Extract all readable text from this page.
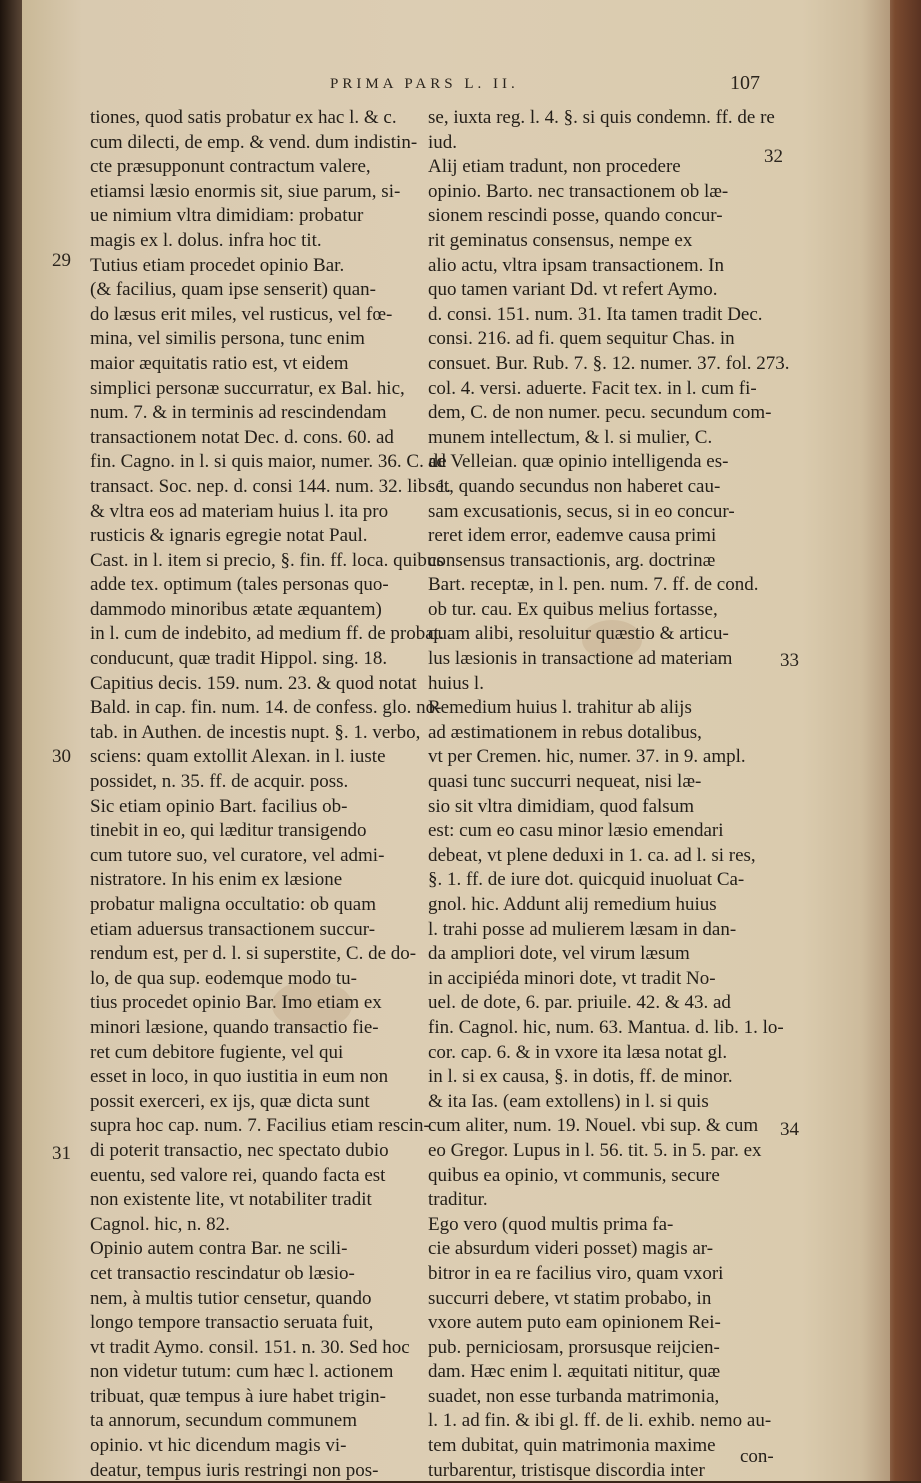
PRIMA PARS L. II.	107
tiones, quod satis probatur ex hac l. & c.
cum dilecti, de emp. & vend. dum indistin-
cte præsupponunt contractum valere,
etiamsi læsio enormis sit, siue parum, si-
ue nimium vltra dimidiam: probatur
magis ex l. dolus. infra hoc tit.
Tutius etiam procedet opinio Bar.
(& facilius, quam ipse senserit) quan-
do læsus erit miles, vel rusticus, vel fœ-
mina, vel similis persona, tunc enim
maior æquitatis ratio est, vt eidem
simplici personæ succurratur, ex Bal. hic,
num. 7. & in terminis ad rescindendam
transactionem notat Dec. d. cons. 60. ad
fin. Cagno. in l. si quis maior, numer. 36. C. de
transact. Soc. nep. d. consi 144. num. 32. lib. 1.
& vltra eos ad materiam huius l. ita pro
rusticis & ignaris egregie notat Paul.
Cast. in l. item si precio, §. fin. ff. loca. quibus
adde tex. optimum (tales personas quo-
dammodo minoribus ætate æquantem)
in l. cum de indebito, ad medium ff. de probat.
conducunt, quæ tradit Hippol. sing. 18.
Capitius decis. 159. num. 23. & quod notat
Bald. in cap. fin. num. 14. de confess. glo. no-
tab. in Authen. de incestis nupt. §. 1. verbo,
sciens: quam extollit Alexan. in l. iuste
possidet, n. 35. ff. de acquir. poss.
Sic etiam opinio Bart. facilius ob-
tinebit in eo, qui læditur transigendo
cum tutore suo, vel curatore, vel admi-
nistratore. In his enim ex læsione
probatur maligna occultatio: ob quam
etiam aduersus transactionem succur-
rendum est, per d. l. si superstite, C. de do-
lo, de qua sup. eodemque modo tu-
tius procedet opinio Bar. Imo etiam ex
minori læsione, quando transactio fie-
ret cum debitore fugiente, vel qui
esset in loco, in quo iustitia in eum non
possit exerceri, ex ijs, quæ dicta sunt
supra hoc cap. num. 7. Facilius etiam rescin-
di poterit transactio, nec spectato dubio
euentu, sed valore rei, quando facta est
non existente lite, vt notabiliter tradit
Cagnol. hic, n. 82.
Opinio autem contra Bar. ne scili-
cet transactio rescindatur ob læsio-
nem, à multis tutior censetur, quando
longo tempore transactio seruata fuit,
vt tradit Aymo. consil. 151. n. 30. Sed hoc
non videtur tutum: cum hæc l. actionem
tribuat, quæ tempus à iure habet trigin-
ta annorum, secundum communem
opinio. vt hic dicendum magis vi-
deatur, tempus iuris restringi non pos-
se, iuxta reg. l. 4. §. si quis condemn. ff. de re
iud.
Alij etiam tradunt, non procedere
opinio. Barto. nec transactionem ob læ-
sionem rescindi posse, quando concur-
rit geminatus consensus, nempe ex
alio actu, vltra ipsam transactionem. In
quo tamen variant Dd. vt refert Aymo.
d. consi. 151. num. 31. Ita tamen tradit Dec.
consi. 216. ad fi. quem sequitur Chas. in
consuet. Bur. Rub. 7. §. 12. numer. 37. fol. 273.
col. 4. versi. aduerte. Facit tex. in l. cum fi-
dem, C. de non numer. pecu. secundum com-
munem intellectum, & l. si mulier, C.
ad Velleian. quæ opinio intelligenda es-
set, quando secundus non haberet cau-
sam excusationis, secus, si in eo concur-
reret idem error, eademve causa primi
consensus transactionis, arg. doctrinæ
Bart. receptæ, in l. pen. num. 7. ff. de cond.
ob tur. cau. Ex quibus melius fortasse,
quam alibi, resoluitur quæstio & articu-
lus læsionis in transactione ad materiam
huius l.
Remedium huius l. trahitur ab alijs
ad æstimationem in rebus dotalibus,
vt per Cremen. hic, numer. 37. in 9. ampl.
quasi tunc succurri nequeat, nisi læ-
sio sit vltra dimidiam, quod falsum
est: cum eo casu minor læsio emendari
debeat, vt plene deduxi in 1. ca. ad l. si res,
§. 1. ff. de iure dot. quicquid inuoluat Ca-
gnol. hic. Addunt alij remedium huius
l. trahi posse ad mulierem læsam in dan-
da ampliori dote, vel virum læsum
in accipiéda minori dote, vt tradit No-
uel. de dote, 6. par. priuile. 42. & 43. ad
fin. Cagnol. hic, num. 63. Mantua. d. lib. 1. lo-
cor. cap. 6. & in vxore ita læsa notat gl.
in l. si ex causa, §. in dotis, ff. de minor.
& ita Ias. (eam extollens) in l. si quis
cum aliter, num. 19. Nouel. vbi sup. & cum
eo Gregor. Lupus in l. 56. tit. 5. in 5. par. ex
quibus ea opinio, vt communis, secure
traditur.
Ego vero (quod multis prima fa-
cie absurdum videri posset) magis ar-
bitror in ea re facilius viro, quam vxori
succurri debere, vt statim probabo, in
vxore autem puto eam opinionem Rei-
pub. perniciosam, prorsusque reijcien-
dam. Hæc enim l. æquitati nititur, quæ
suadet, non esse turbanda matrimonia,
l. 1. ad fin. & ibi gl. ff. de li. exhib. nemo au-
tem dubitat, quin matrimonia maxime
turbarentur, tristisque discordia inter
29
30
31
32
33
34
con-
